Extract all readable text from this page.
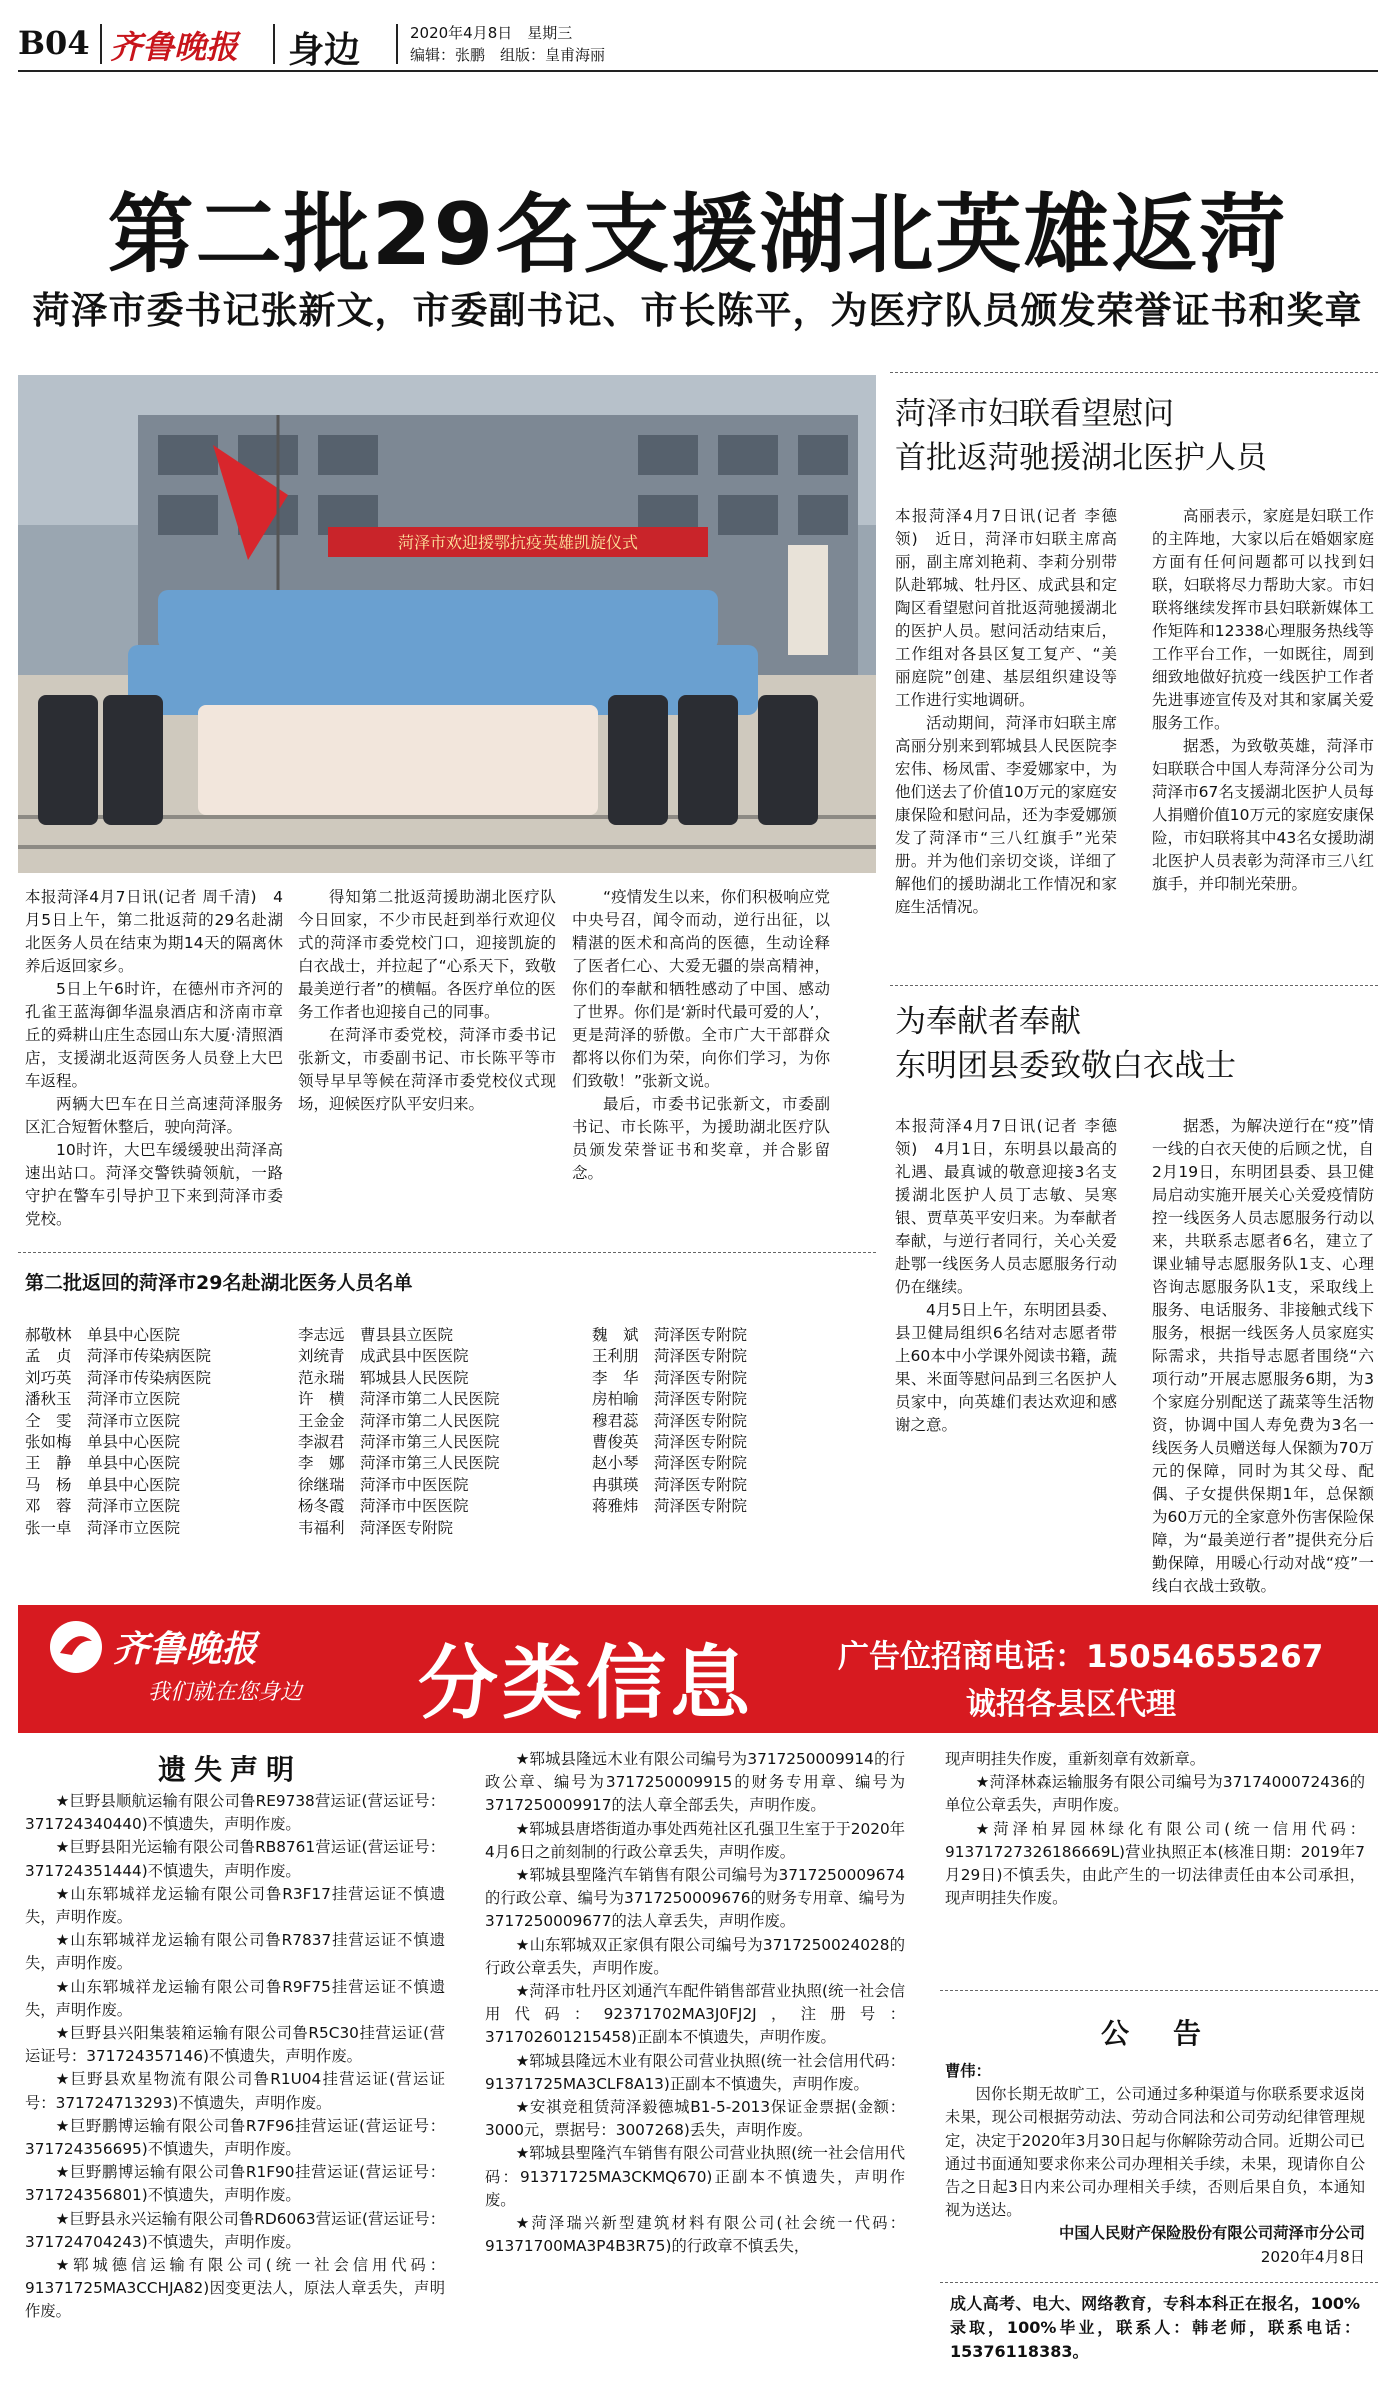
B04 齐鲁晚报 身边	2020年4月8日　星期三
编辑：张鹏　组版：皇甫海丽
第二批29名支援湖北英雄返菏
菏泽市委书记张新文，市委副书记、市长陈平，为医疗队员颁发荣誉证书和奖章
菏泽市欢迎援鄂抗疫英雄凯旋仪式

本报菏泽4月7日讯(记者 周千清)　4月5日上午，第二批返菏的29名赴湖北医务人员在结束为期14天的隔离休养后返回家乡。

5日上午6时许，在德州市齐河的孔雀王蓝海御华温泉酒店和济南市章丘的舜耕山庄生态园山东大厦·清照酒店，支援湖北返菏医务人员登上大巴车返程。

两辆大巴车在日兰高速菏泽服务区汇合短暂休整后，驶向菏泽。

10时许，大巴车缓缓驶出菏泽高速出站口。菏泽交警铁骑领航，一路守护在警车引导护卫下来到菏泽市委党校。

得知第二批返菏援助湖北医疗队今日回家，不少市民赶到举行欢迎仪式的菏泽市委党校门口，迎接凯旋的白衣战士，并拉起了“心系天下，致敬最美逆行者”的横幅。各医疗单位的医务工作者也迎接自己的同事。

在菏泽市委党校，菏泽市委书记张新文，市委副书记、市长陈平等市领导早早等候在菏泽市委党校仪式现场，迎候医疗队平安归来。

“疫情发生以来，你们积极响应党中央号召，闻令而动，逆行出征，以精湛的医术和高尚的医德，生动诠释了医者仁心、大爱无疆的崇高精神，你们的奉献和牺牲感动了中国、感动了世界。你们是‘新时代最可爱的人’，更是菏泽的骄傲。全市广大干部群众都将以你们为荣，向你们学习，为你们致敬！”张新文说。

最后，市委书记张新文，市委副书记、市长陈平，为援助湖北医疗队员颁发荣誉证书和奖章，并合影留念。

第二批返回的菏泽市29名赴湖北医务人员名单
郝敬林 单县中心医院
孟　贞 菏泽市传染病医院
刘巧英 菏泽市传染病医院
潘秋玉 菏泽市立医院
仝　雯 菏泽市立医院
张如梅 单县中心医院
王　静 单县中心医院
马　杨 单县中心医院
邓　蓉 菏泽市立医院
张一卓 菏泽市立医院
李志远 曹县县立医院
刘统青 成武县中医医院
范永瑞 郓城县人民医院
许　横 菏泽市第二人民医院
王金金 菏泽市第二人民医院
李淑君 菏泽市第三人民医院
李　娜 菏泽市第三人民医院
徐继瑞 菏泽市中医医院
杨冬霞 菏泽市中医医院
韦福利 菏泽医专附院
魏　斌 菏泽医专附院
王利朋 菏泽医专附院
李　华 菏泽医专附院
房柏喻 菏泽医专附院
穆君蕊 菏泽医专附院
曹俊英 菏泽医专附院
赵小琴 菏泽医专附院
冉骐瑛 菏泽医专附院
蒋雅炜 菏泽医专附院
菏泽市妇联看望慰问
首批返菏驰援湖北医护人员

本报菏泽4月7日讯(记者 李德领)　近日，菏泽市妇联主席高丽，副主席刘艳莉、李莉分别带队赴郓城、牡丹区、成武县和定陶区看望慰问首批返菏驰援湖北的医护人员。慰问活动结束后，工作组对各县区复工复产、“美丽庭院”创建、基层组织建设等工作进行实地调研。

活动期间，菏泽市妇联主席高丽分别来到郓城县人民医院李宏伟、杨凤雷、李爱娜家中，为他们送去了价值10万元的家庭安康保险和慰问品，还为李爱娜颁发了菏泽市“三八红旗手”光荣册。并为他们亲切交谈，详细了解他们的援助湖北工作情况和家庭生活情况。

高丽表示，家庭是妇联工作的主阵地，大家以后在婚姻家庭方面有任何问题都可以找到妇联，妇联将尽力帮助大家。市妇联将继续发挥市县妇联新媒体工作矩阵和12338心理服务热线等工作平台工作，一如既往，周到细致地做好抗疫一线医护工作者先进事迹宣传及对其和家属关爱服务工作。

据悉，为致敬英雄，菏泽市妇联联合中国人寿菏泽分公司为菏泽市67名支援湖北医护人员每人捐赠价值10万元的家庭安康保险，市妇联将其中43名女援助湖北医护人员表彰为菏泽市三八红旗手，并印制光荣册。

为奉献者奉献
东明团县委致敬白衣战士

本报菏泽4月7日讯(记者 李德领)　4月1日，东明县以最高的礼遇、最真诚的敬意迎接3名支援湖北医护人员丁志敏、吴寒银、贾草英平安归来。为奉献者奉献，与逆行者同行，关心关爱赴鄂一线医务人员志愿服务行动仍在继续。

4月5日上午，东明团县委、县卫健局组织6名结对志愿者带上60本中小学课外阅读书籍，蔬果、米面等慰问品到三名医护人员家中，向英雄们表达欢迎和感谢之意。

据悉，为解决逆行在“疫”情一线的白衣天使的后顾之忧，自2月19日，东明团县委、县卫健局启动实施开展关心关爱疫情防控一线医务人员志愿服务行动以来，共联系志愿者6名，建立了课业辅导志愿服务队1支、心理咨询志愿服务队1支，采取线上服务、电话服务、非接触式线下服务，根据一线医务人员家庭实际需求，共指导志愿者围绕“六项行动”开展志愿服务6期，为3个家庭分别配送了蔬菜等生活物资，协调中国人寿免费为3名一线医务人员赠送每人保额为70万元的保障，同时为其父母、配偶、子女提供保期1年，总保额为60万元的全家意外伤害保险保障，为“最美逆行者”提供充分后勤保障，用暖心行动对战“疫”一线白衣战士致敬。

齐鲁晚报
我们就在您身边 分类信息	广告位招商电话：15054655267
诚招各县区代理
遗失声明

★巨野县顺航运输有限公司鲁RE9738营运证(营运证号：371724340440)不慎遗失，声明作废。

★巨野县阳光运输有限公司鲁RB8761营运证(营运证号：371724351444)不慎遗失，声明作废。

★山东郓城祥龙运输有限公司鲁R3F17挂营运证不慎遗失，声明作废。

★山东郓城祥龙运输有限公司鲁R7837挂营运证不慎遗失，声明作废。

★山东郓城祥龙运输有限公司鲁R9F75挂营运证不慎遗失，声明作废。

★巨野县兴阳集装箱运输有限公司鲁R5C30挂营运证(营运证号：371724357146)不慎遗失，声明作废。

★巨野县欢星物流有限公司鲁R1U04挂营运证(营运证号：371724713293)不慎遗失，声明作废。

★巨野鹏博运输有限公司鲁R7F96挂营运证(营运证号：371724356695)不慎遗失，声明作废。

★巨野鹏博运输有限公司鲁R1F90挂营运证(营运证号：371724356801)不慎遗失，声明作废。

★巨野县永兴运输有限公司鲁RD6063营运证(营运证号：371724704243)不慎遗失，声明作废。

★郓城德信运输有限公司(统一社会信用代码：91371725MA3CCHJA82)因变更法人，原法人章丢失，声明作废。

★郓城县隆远木业有限公司编号为3717250009914的行政公章、编号为3717250009915的财务专用章、编号为3717250009917的法人章全部丢失，声明作废。

★郓城县唐塔街道办事处西苑社区孔强卫生室于于2020年4月6日之前刻制的行政公章丢失，声明作废。

★郓城县聖隆汽车销售有限公司编号为3717250009674的行政公章、编号为3717250009676的财务专用章、编号为3717250009677的法人章丢失，声明作废。

★山东郓城双正家俱有限公司编号为3717250024028的行政公章丢失，声明作废。

★菏泽市牡丹区刘通汽车配件销售部营业执照(统一社会信用代码：92371702MA3J0FJ2J，注册号：371702601215458)正副本不慎遗失，声明作废。

★郓城县隆远木业有限公司营业执照(统一社会信用代码：91371725MA3CLF8A13)正副本不慎遗失，声明作废。

★安祺竞租赁菏泽毅德城B1-5-2013保证金票据(金额：3000元，票据号：3007268)丢失，声明作废。

★郓城县聖隆汽车销售有限公司营业执照(统一社会信用代码：91371725MA3CKMQ670)正副本不慎遗失，声明作废。

★菏泽瑞兴新型建筑材料有限公司(社会统一代码：91371700MA3P4B3R75)的行政章不慎丢失，

现声明挂失作废，重新刻章有效新章。

★菏泽林森运输服务有限公司编号为3717400072436的单位公章丢失，声明作废。

★菏泽柏昇园林绿化有限公司(统一信用代码：91371727326186669L)营业执照正本(核准日期：2019年7月29日)不慎丢失，由此产生的一切法律责任由本公司承担，现声明挂失作废。

公　告
曹伟：

因你长期无故旷工，公司通过多种渠道与你联系要求返岗未果，现公司根据劳动法、劳动合同法和公司劳动纪律管理规定，决定于2020年3月30日起与你解除劳动合同。近期公司已通过书面通知要求你来公司办理相关手续，未果，现请你自公告之日起3日内来公司办理相关手续，否则后果自负，本通知视为送达。

中国人民财产保险股份有限公司菏泽市分公司
2020年4月8日
成人高考、电大、网络教育，专科本科正在报名，100%录取，100%毕业，联系人：韩老师，联系电话：15376118383。
